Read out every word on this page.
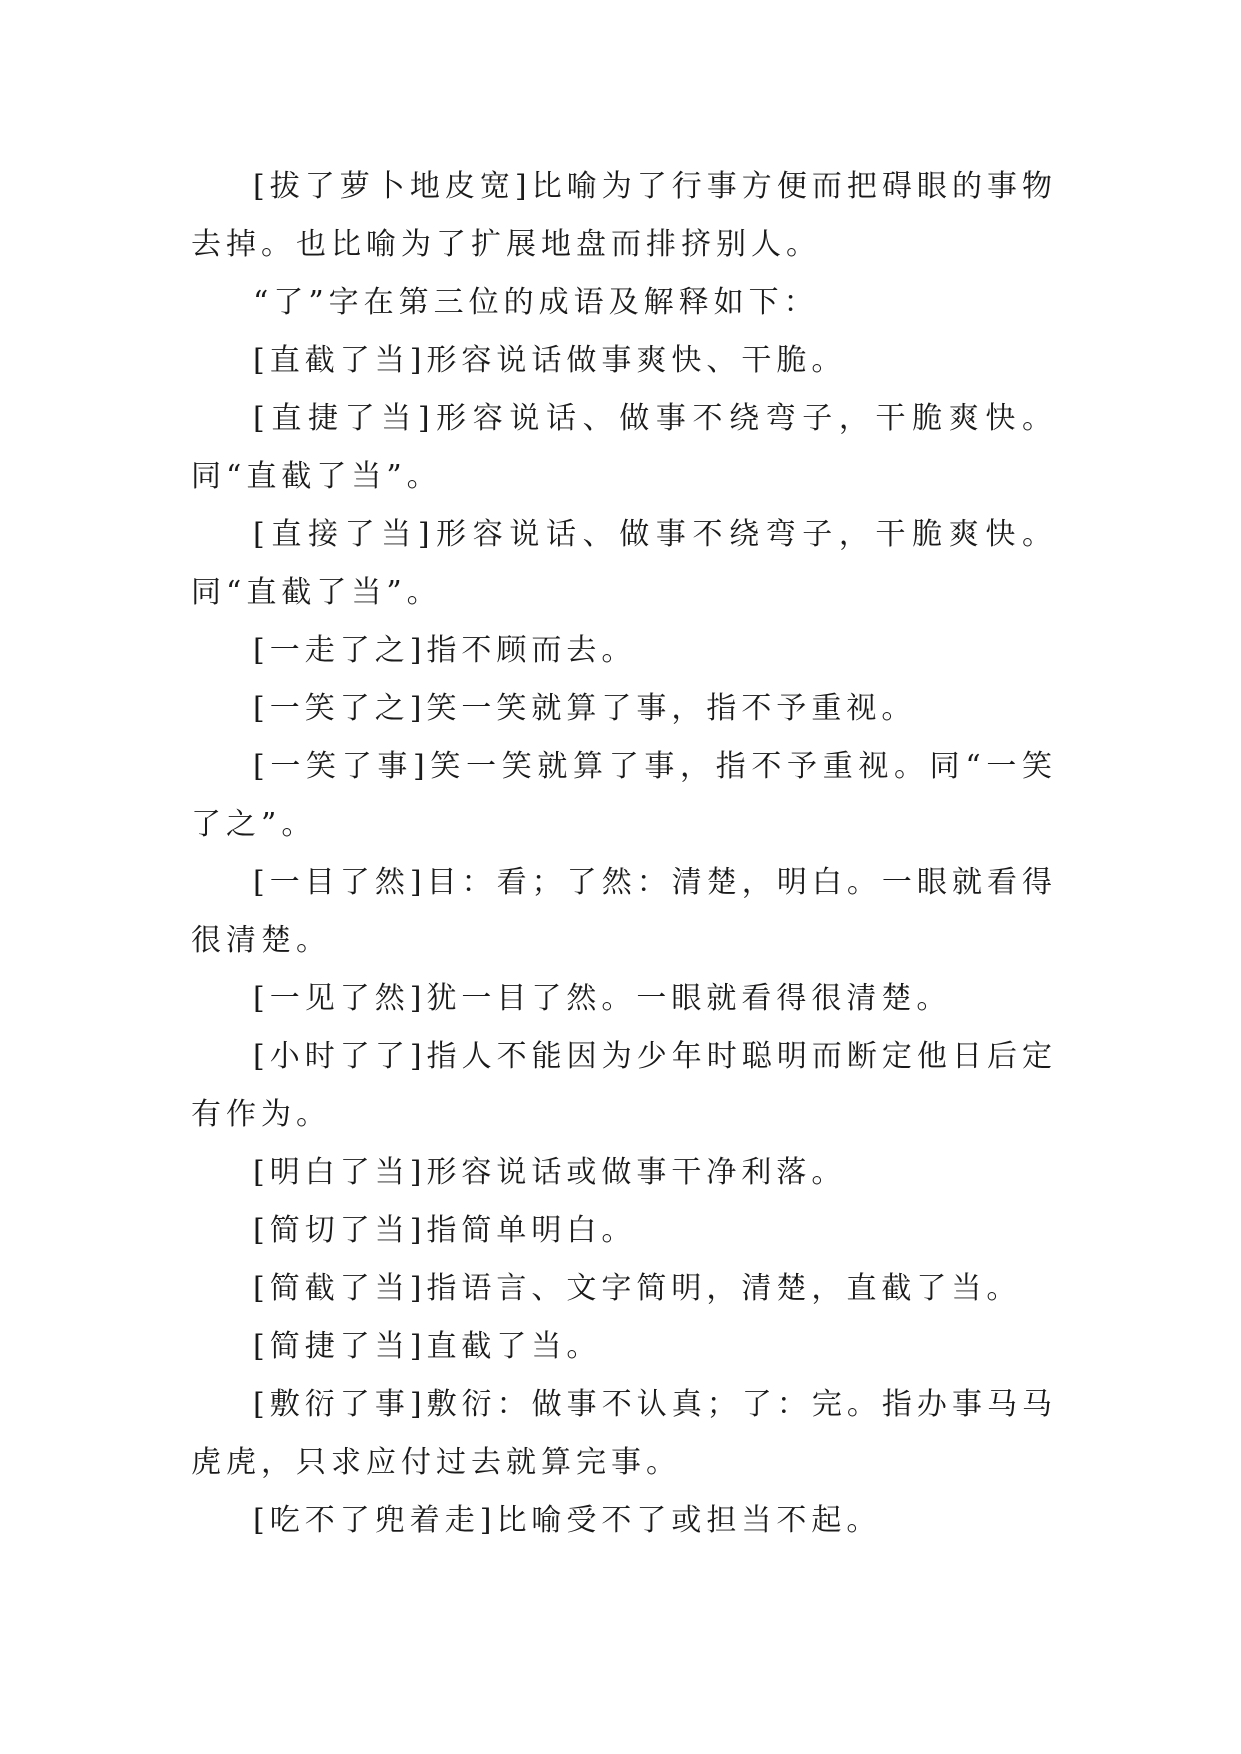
[ 拔了萝卜地皮宽 ] 比喻为了行事方便而把碍眼的事物去掉。也比喻为了扩展地盘而排挤别人。

“了”字在第三位的成语及解释如下：

[ 直截了当 ] 形容说话做事爽快、干脆。

[ 直捷了当 ] 形容说话、做事不绕弯子，干脆爽快。同“直截了当”。

[ 直接了当 ] 形容说话、做事不绕弯子，干脆爽快。同“直截了当”。

[ 一走了之 ] 指不顾而去。

[ 一笑了之 ] 笑一笑就算了事，指不予重视。

[ 一笑了事 ] 笑一笑就算了事，指不予重视。同“一笑了之”。

[ 一目了然 ] 目：看；了然：清楚，明白。一眼就看得很清楚。

[ 一见了然 ] 犹一目了然。一眼就看得很清楚。

[ 小时了了 ] 指人不能因为少年时聪明而断定他日后定有作为。

[ 明白了当 ] 形容说话或做事干净利落。

[ 简切了当 ] 指简单明白。

[ 简截了当 ] 指语言、文字简明，清楚，直截了当。

[ 简捷了当 ] 直截了当。

[ 敷衍了事 ] 敷衍：做事不认真；了：完。指办事马马虎虎，只求应付过去就算完事。

[ 吃不了兜着走 ] 比喻受不了或担当不起。
